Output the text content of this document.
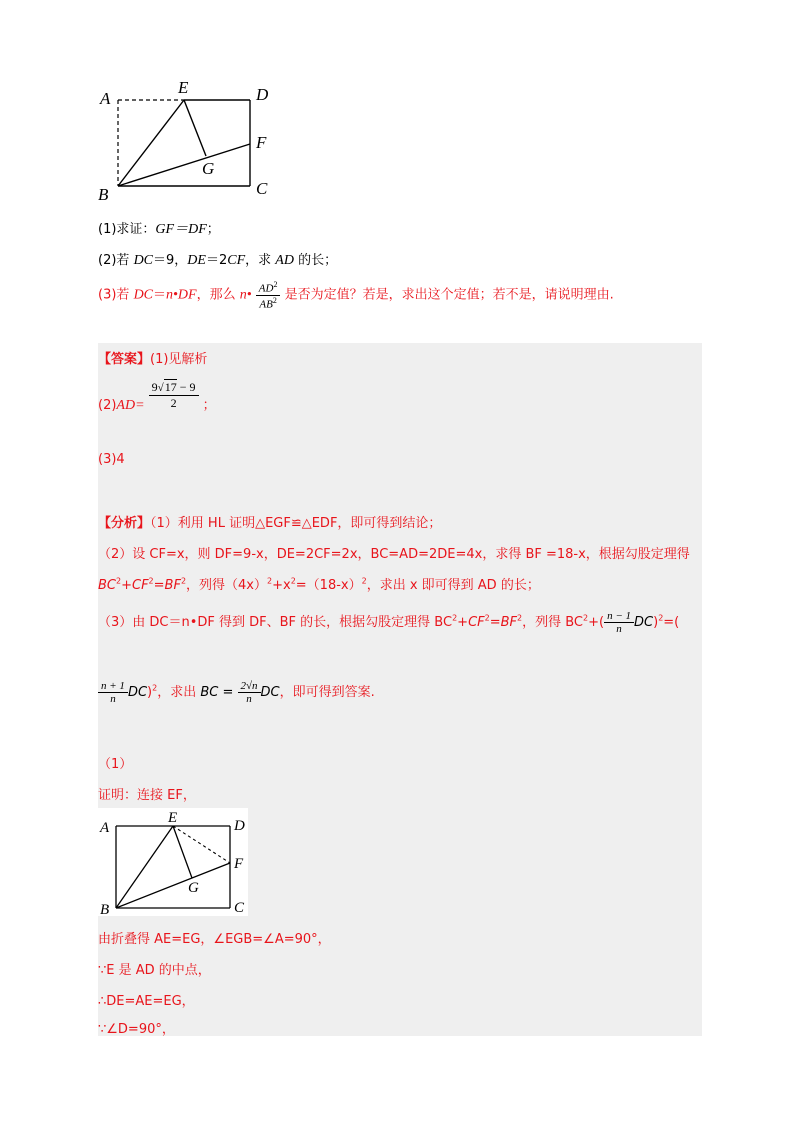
A
E	D
F
G
B	C
(1)求证：GF＝DF；
(2)若 DC＝9，DE＝2CF，求 AD 的长；
(3)若 DC＝n•DF，那么 n• $\frac{AD^2}{AB^2}$ 是否为定值？若是，求出这个定值；若不是，请说明理由.
【答案】(1)见解析
$(2)AD= \frac{9√17 - 9}{2}$ ；
(3)4
【分析】（1）利用 HL 证明△EGF≌△EDF，即可得到结论；
（2）设 CF=x，则 DF=9-x，DE=2CF=2x，BC=AD=2DE=4x，求得 BF =18-x，根据勾股定理得
$BC^2+CF^2=BF^2$，列得$(4x)^2+x^2=(18-x)^2$，求出 x 即可得到 AD 的长；
（3）由 DC＝n•DF 得到 DF、BF 的长，根据勾股定理得 $BC^2+CF^2=BF^2$，列得 $BC^2+( \frac{n - 1}{n} DC)^2=$(
$\frac{n + 1}{n} DC)^2$，求出 BC = $\frac{2√n}{n}$ DC，即可得到答案.
（1）
证明：连接 EF，
A
E	D
F
G
B	C
由折叠得 AE=EG，∠EGB=∠A=90°，
∵E 是 AD 的中点，
∴DE=AE=EG，
∵∠D=90°，
